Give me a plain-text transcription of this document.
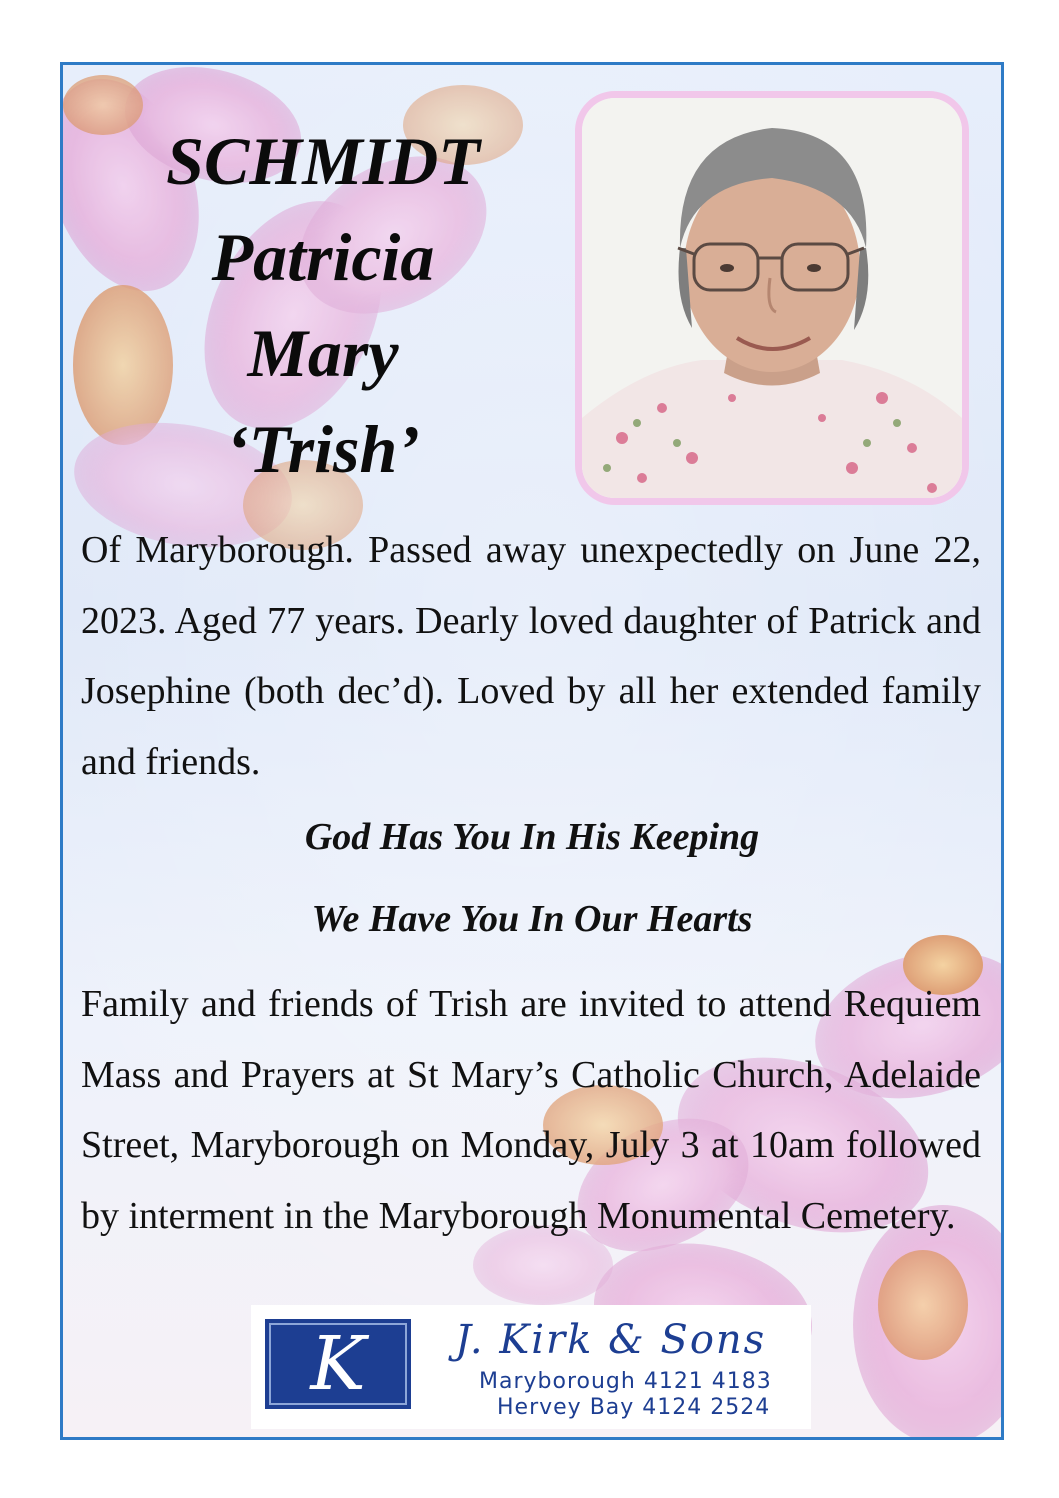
SCHMIDT
Patricia
Mary
‘Trish’
Of Maryborough. Passed away unexpectedly on June 22, 2023. Aged 77 years. Dearly loved daughter of Patrick and Josephine (both dec’d). Loved by all her extended family and friends.
God Has You In His Keeping
We Have You In Our Hearts
Family and friends of Trish are invited to attend Requiem Mass and Prayers at St Mary’s Catholic Church, Adelaide Street, Maryborough on Monday, July 3 at 10am followed by interment in the Maryborough Monumental Cemetery.
K	J. Kirk & Sons
Maryborough 4121 4183
Hervey Bay 4124 2524
